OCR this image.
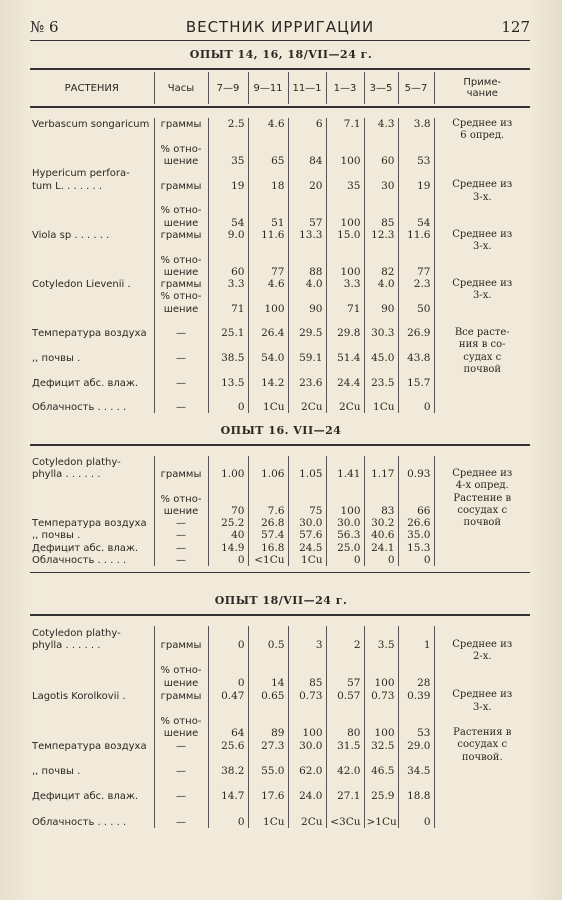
№ 6	ВЕСТНИК ИРРИГАЦИИ	127
ОПЫТ 14, 16, 18/VII—24 г.
РАСТЕНИЯ	Часы	7—9	9—11	11—1	1—3	3—5	5—7	Приме-
чание
Verbascum songaricum	граммы	2.5	4.6	6	7.1	4.3	3.8	Среднее из
								6 опред.
	% отно-							
	шение	35	65	84	100	60	53	
Hypericum perfora-								
tum L. . . . . . .	граммы	19	18	20	35	30	19	Среднее из
								3-х.
	% отно-							
	шение	54	51	57	100	85	54	
Viola sp . . . . . .	граммы	9.0	11.6	13.3	15.0	12.3	11.6	Среднее из
								3-х.
	% отно-							
	шение	60	77	88	100	82	77	
Cotyledon Lievenii .	граммы	3.3	4.6	4.0	3.3	4.0	2.3	Среднее из
	% отно-							3-х.
	шение	71	100	90	71	90	50	

Температура воздуха	—	25.1	26.4	29.5	29.8	30.3	26.9	Все расте-
								ния в со-
,, почвы .	—	38.5	54.0	59.1	51.4	45.0	43.8	судах с
								почвой
Дефицит абс. влаж.	—	13.5	14.2	23.6	24.4	23.5	15.7	

Облачность . . . . .	—	0	1Cu	2Cu	2Cu	1Cu	0	
ОПЫТ 16. VII—24
Cotyledon plathy-								
phylla . . . . . .	граммы	1.00	1.06	1.05	1.41	1.17	0.93	Среднее из
								4-х опред.
	% отно-							Растение в
	шение	70	7.6	75	100	83	66	сосудах с
Температура воздуха	—	25.2	26.8	30.0	30.0	30.2	26.6	почвой
,, почвы .	—	40	57.4	57.6	56.3	40.6	35.0	
Дефицит абс. влаж.	—	14.9	16.8	24.5	25.0	24.1	15.3	
Облачность . . . . .	—	0	<1Cu	1Cu	0	0	0	
ОПЫТ 18/VII—24 г.
Cotyledon plathy-								
phylla . . . . . .	граммы	0	0.5	3	2	3.5	1	Среднее из
								2-х.
	% отно-							
	шение	0	14	85	57	100	28	
Lagotis Korolkovii .	граммы	0.47	0.65	0.73	0.57	0.73	0.39	Среднее из
								3-х.
	% отно-							
	шение	64	89	100	80	100	53	Растения в
Температура воздуха	—	25.6	27.3	30.0	31.5	32.5	29.0	сосудах с
								почвой.
,, почвы .	—	38.2	55.0	62.0	42.0	46.5	34.5	

Дефицит абс. влаж.	—	14.7	17.6	24.0	27.1	25.9	18.8	

Облачность . . . . .	—	0	1Cu	2Cu	<3Cu	>1Cu	0	
